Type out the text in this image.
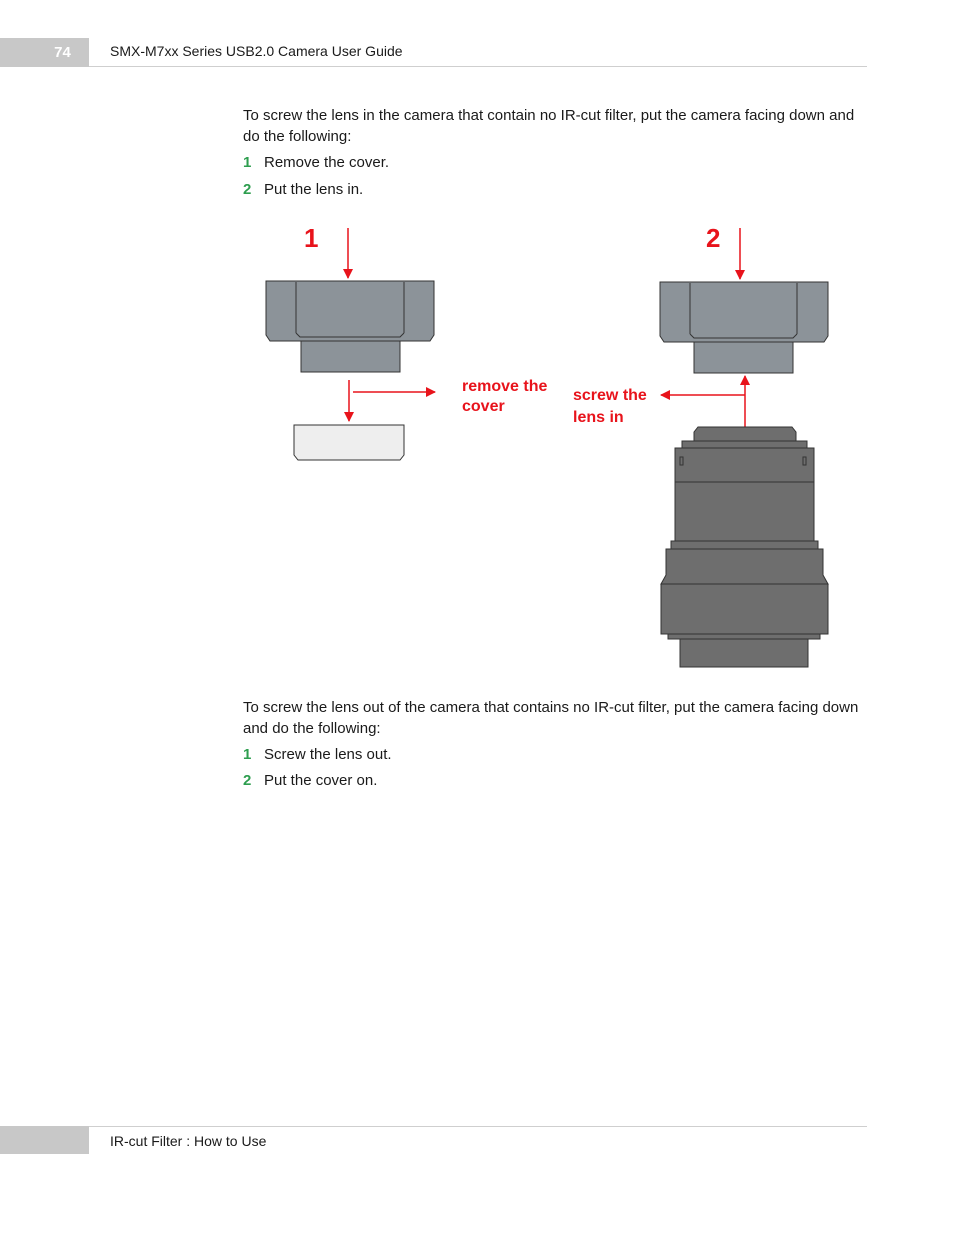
74	SMX-M7xx Series USB2.0 Camera User Guide

To screw the lens in the camera that contain no IR-cut filter, put the camera facing down and do the following:

1 Remove the cover.

2 Put the lens in.

1	2
remove the
cover
screw the
lens in

To screw the lens out of the camera that contains no IR-cut filter, put the camera facing down and do the following:

1 Screw the lens out.

2 Put the cover on.

IR-cut Filter : How to Use
